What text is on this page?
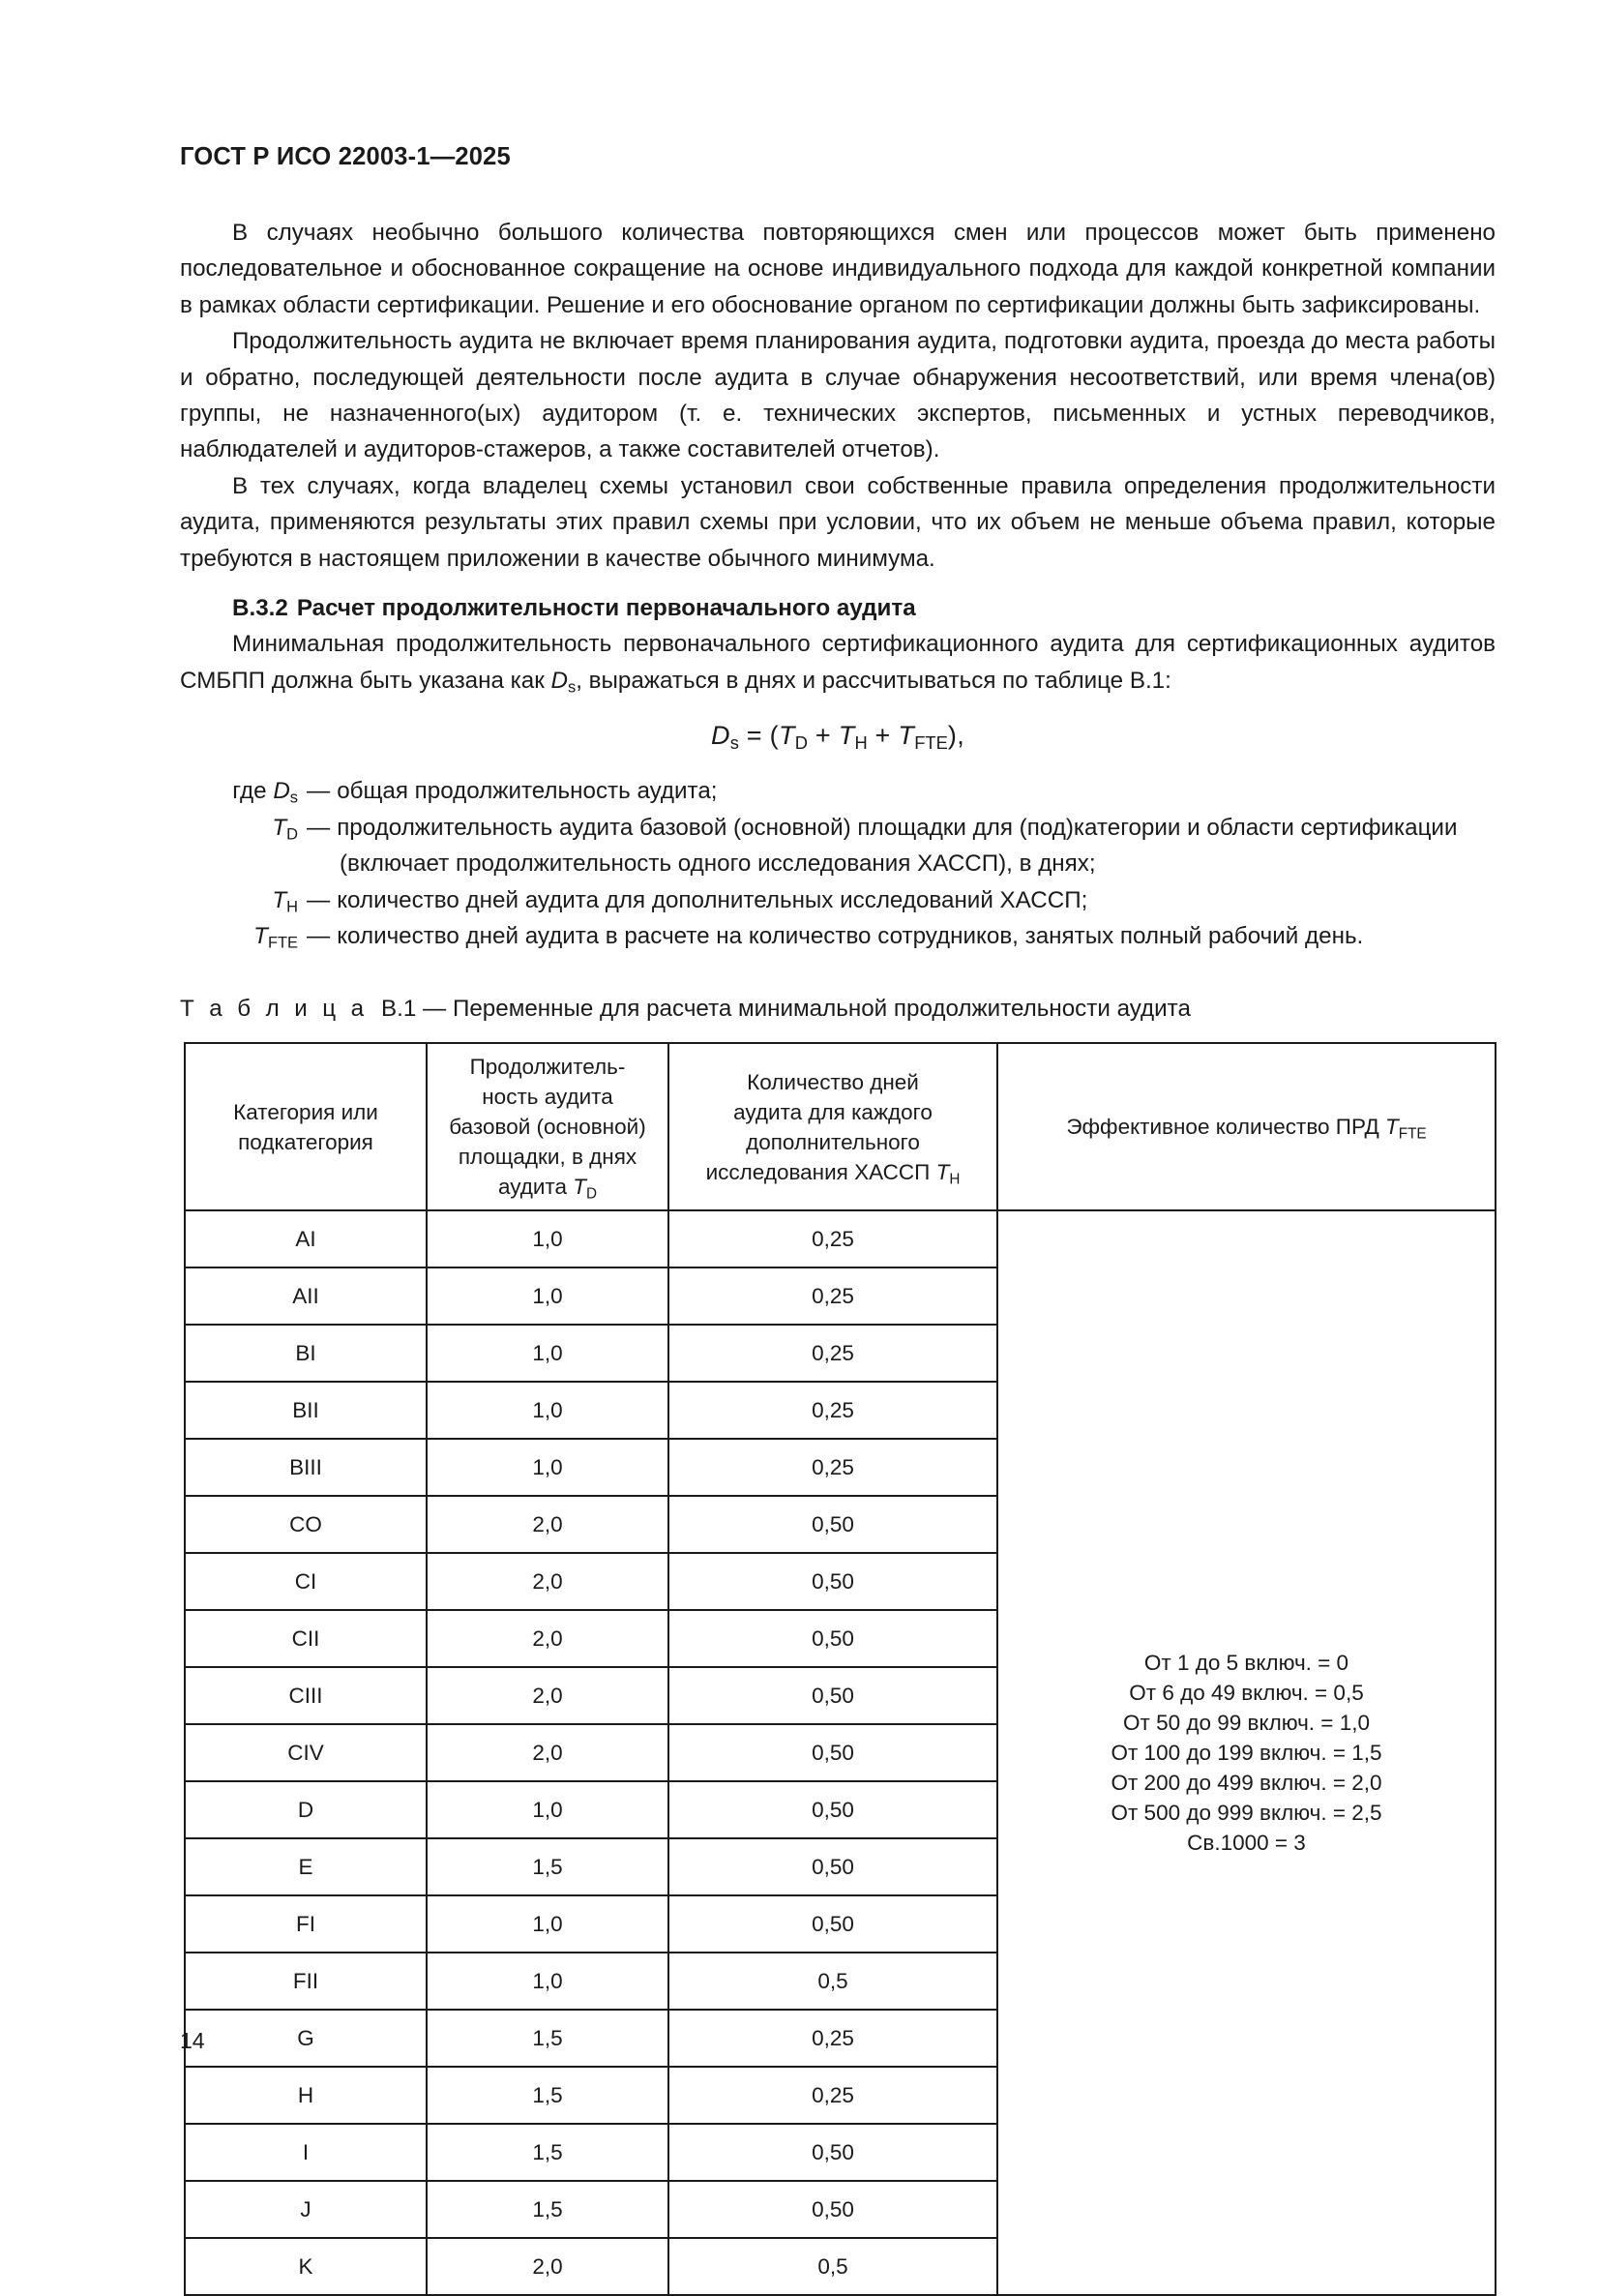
ГОСТ Р ИСО 22003-1—2025

В случаях необычно большого количества повторяющихся смен или процессов может быть применено последовательное и обоснованное сокращение на основе индивидуального подхода для каждой конкретной компании в рамках области сертификации. Решение и его обоснование органом по сертификации должны быть зафиксированы.

Продолжительность аудита не включает время планирования аудита, подготовки аудита, проезда до места работы и обратно, последующей деятельности после аудита в случае обнаружения несоответствий, или время члена(ов) группы, не назначенного(ых) аудитором (т. е. технических экспертов, письменных и устных переводчиков, наблюдателей и аудиторов-стажеров, а также составителей отчетов).

В тех случаях, когда владелец схемы установил свои собственные правила определения продолжительности аудита, применяются результаты этих правил схемы при условии, что их объем не меньше объема правил, которые требуются в настоящем приложении в качестве обычного минимума.

В.3.2 Расчет продолжительности первоначального аудита

Минимальная продолжительность первоначального сертификационного аудита для сертификационных аудитов СМБПП должна быть указана как $D_s$, выражаться в днях и рассчитываться по таблице В.1:

$D_s = (T_D + T_H + T_{FTE})$,

где $D_s$ — общая продолжительность аудита;
$T_D$ — продолжительность аудита базовой (основной) площадки для (под)категории и области сертификации
(включает продолжительность одного исследования ХАССП), в днях;
$T_H$ — количество дней аудита для дополнительных исследований ХАССП;
$T_{FTE}$ — количество дней аудита в расчете на количество сотрудников, занятых полный рабочий день.

Т а б л и ц а В.1 — Переменные для расчета минимальной продолжительности аудита

Категория или подкатегория	Продолжитель-
ность аудита
базовой (основной)
площадки, в днях
аудита $T_D$	Количество дней
аудита для каждого
дополнительного
исследования ХАССП $T_H$	Эффективное количество ПРД $T_{FTE}$
AI	1,0	0,25	
От 1 до 5 включ. = 0
От 6 до 49 включ. = 0,5
От 50 до 99 включ. = 1,0
От 100 до 199 включ. = 1,5
От 200 до 499 включ. = 2,0
От 500 до 999 включ. = 2,5
Св.1000 = 3

AII	1,0	0,25	
BI	1,0	0,25	
BII	1,0	0,25	
BIII	1,0	0,25	
CO	2,0	0,50	
CI	2,0	0,50	
CII	2,0	0,50	
CIII	2,0	0,50	
CIV	2,0	0,50	
D	1,0	0,50	
E	1,5	0,50	
FI	1,0	0,50	
FII	1,0	0,5	
G	1,5	0,25	
H	1,5	0,25	
I	1,5	0,50	
J	1,5	0,50	
K	2,0	0,5	
14
